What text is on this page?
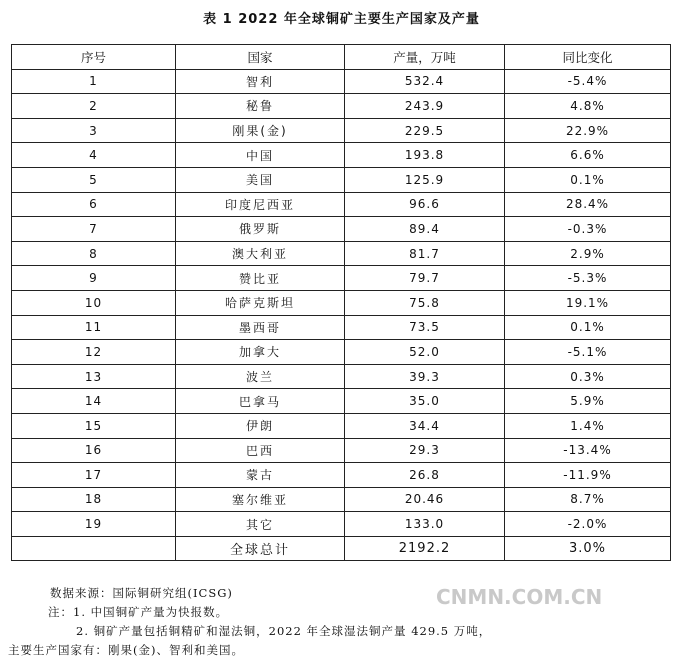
表 1 2022 年全球铜矿主要生产国家及产量
序号	国家	产量，万吨	同比变化
1	智利	532.4	-5.4%
2	秘鲁	243.9	4.8%
3	刚果(金)	229.5	22.9%
4	中国	193.8	6.6%
5	美国	125.9	0.1%
6	印度尼西亚	96.6	28.4%
7	俄罗斯	89.4	-0.3%
8	澳大利亚	81.7	2.9%
9	赞比亚	79.7	-5.3%
10	哈萨克斯坦	75.8	19.1%
11	墨西哥	73.5	0.1%
12	加拿大	52.0	-5.1%
13	波兰	39.3	0.3%
14	巴拿马	35.0	5.9%
15	伊朗	34.4	1.4%
16	巴西	29.3	-13.4%
17	蒙古	26.8	-11.9%
18	塞尔维亚	20.46	8.7%
19	其它	133.0	-2.0%
	全球总计	2192.2	3.0%
数据来源：国际铜研究组(ICSG)
注：1. 中国铜矿产量为快报数。
2. 铜矿产量包括铜精矿和湿法铜，2022 年全球湿法铜产量 429.5 万吨，
主要生产国家有：刚果(金)、智利和美国。
CNMN.COM.CN
